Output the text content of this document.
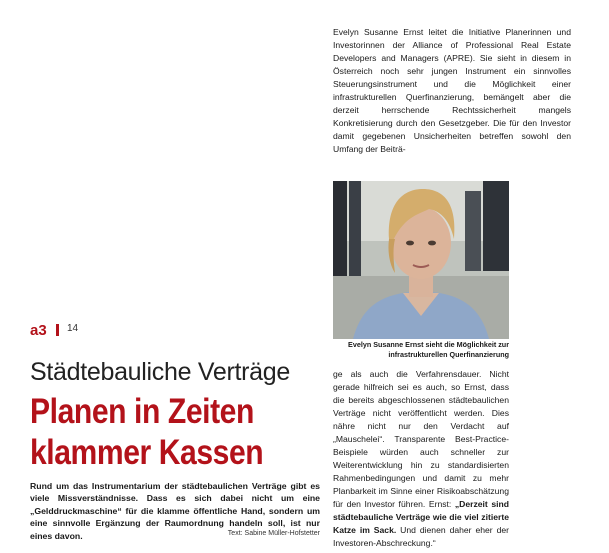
Evelyn Susanne Ernst leitet die Initiative Planerinnen und Investorinnen der Alliance of Professional Real Estate Developers and Managers (APRE). Sie sieht in diesem in Österreich noch sehr jungen Instrument ein sinnvolles Steuerungsinstrument und die Möglichkeit einer infrastrukturellen Querfinanzierung, bemängelt aber die derzeit herrschende Rechtssicherheit mangels Konkretisierung durch den Gesetzgeber. Die für den Investor damit gegebenen Unsicherheiten betreffen sowohl den Umfang der Beiträ-

Evelyn Susanne Ernst sieht die Möglichkeit zur infrastrukturellen Querfinanzierung
ge als auch die Verfahrensdauer. Nicht gerade hilfreich sei es auch, so Ernst, dass die bereits abgeschlossenen städtebaulichen Verträge nicht veröffentlicht werden. Dies nähre nicht nur den Verdacht auf „Mauschelei“. Transparente Best-Practice-Beispiele würden auch schneller zur Weiterentwicklung hin zu standardisierten Rahmenbedingungen und damit zu mehr Planbarkeit im Sinne einer Risikoabschätzung für den Investor führen. Ernst: „Derzeit sind städtebauliche Verträge wie die viel zitierte Katze im Sack. Und dienen daher eher der Investoren-Abschreckung.“
a3 14
Städtebauliche Verträge
Planen in Zeiten
klammer Kassen
Rund um das Instrumentarium der städtebaulichen Verträge gibt es viele Missverständnisse. Dass es sich dabei nicht um eine „Gelddruckmaschine“ für die klamme öffentliche Hand, sondern um eine sinnvolle Ergänzung der Raumordnung handeln soll, ist nur eines davon.	Text: Sabine Müller-Hofstetter
